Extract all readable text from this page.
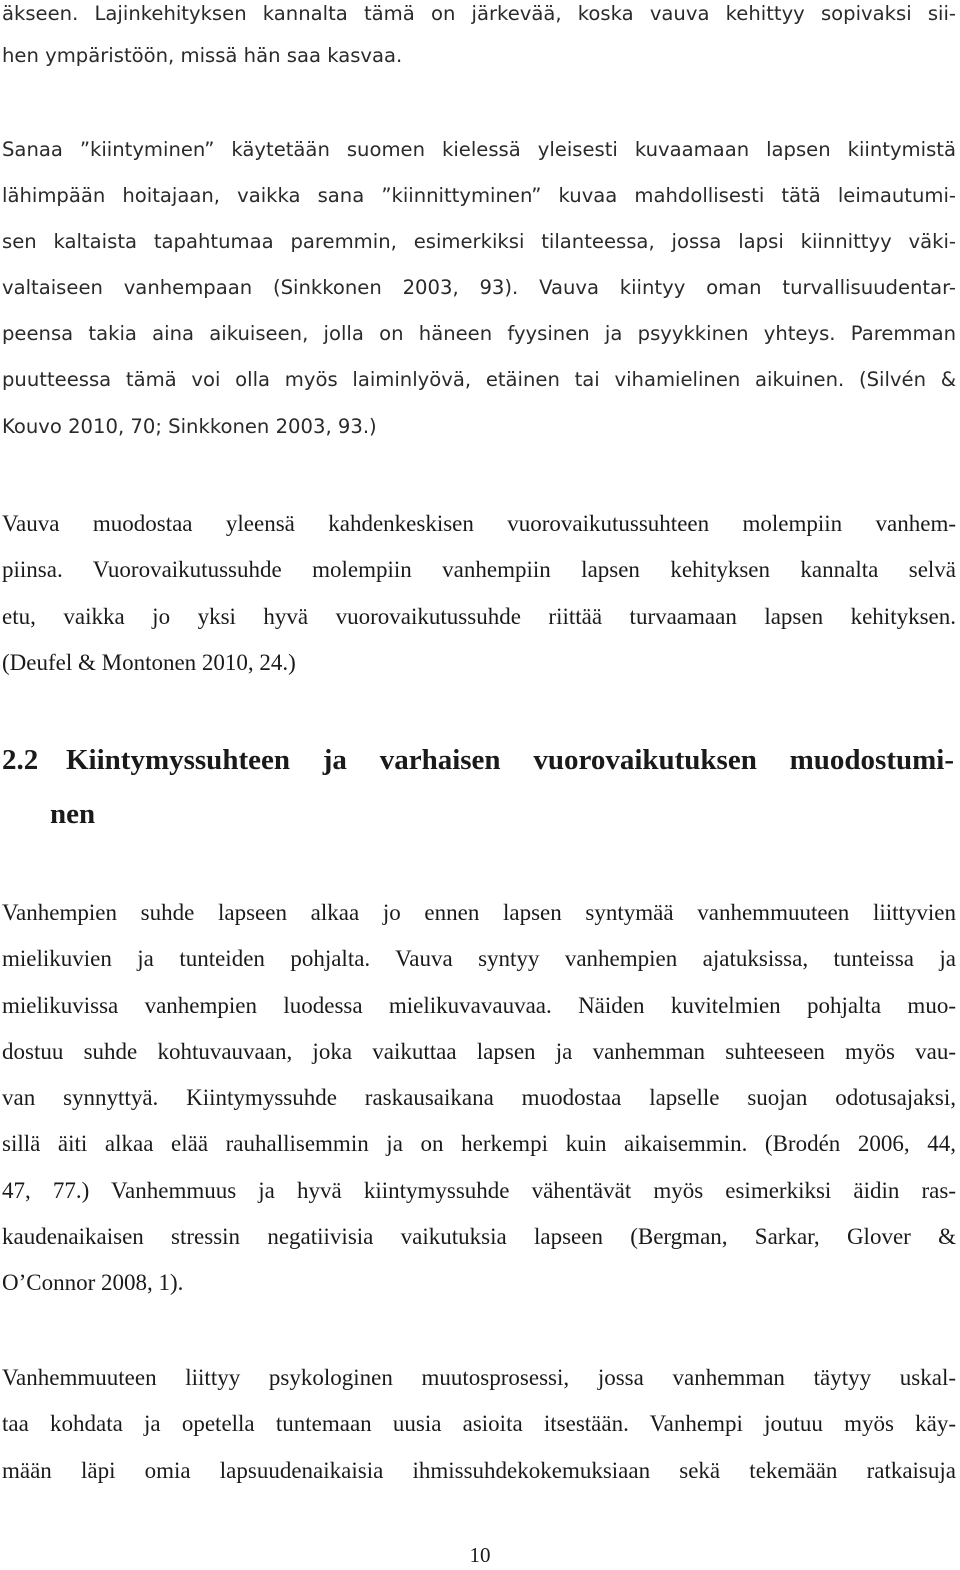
äkseen. Lajinkehityksen kannalta tämä on järkevää, koska vauva kehittyy sopivaksi sii-
hen ympäristöön, missä hän saa kasvaa.
Sanaa ”kiintyminen” käytetään suomen kielessä yleisesti kuvaamaan lapsen kiintymistä
lähimpään hoitajaan, vaikka sana ”kiinnittyminen” kuvaa mahdollisesti tätä leimautumi-
sen kaltaista tapahtumaa paremmin, esimerkiksi tilanteessa, jossa lapsi kiinnittyy väki-
valtaiseen vanhempaan (Sinkkonen 2003, 93). Vauva kiintyy oman turvallisuudentar-
peensa takia aina aikuiseen, jolla on häneen fyysinen ja psyykkinen yhteys. Paremman
puutteessa tämä voi olla myös laiminlyövä, etäinen tai vihamielinen aikuinen. (Silvén &
Kouvo 2010, 70; Sinkkonen 2003, 93.)
Vauva muodostaa yleensä kahdenkeskisen vuorovaikutussuhteen molempiin vanhem-
piinsa. Vuorovaikutussuhde molempiin vanhempiin lapsen kehityksen kannalta selvä
etu, vaikka jo yksi hyvä vuorovaikutussuhde riittää turvaamaan lapsen kehityksen.
(Deufel & Montonen 2010, 24.)
2.2 Kiintymyssuhteen ja varhaisen vuorovaikutuksen muodostumi-
nen
Vanhempien suhde lapseen alkaa jo ennen lapsen syntymää vanhemmuuteen liittyvien
mielikuvien ja tunteiden pohjalta. Vauva syntyy vanhempien ajatuksissa, tunteissa ja
mielikuvissa vanhempien luodessa mielikuvavauvaa. Näiden kuvitelmien pohjalta muo-
dostuu suhde kohtuvauvaan, joka vaikuttaa lapsen ja vanhemman suhteeseen myös vau-
van synnyttyä. Kiintymyssuhde raskausaikana muodostaa lapselle suojan odotusajaksi,
sillä äiti alkaa elää rauhallisemmin ja on herkempi kuin aikaisemmin. (Brodén 2006, 44,
47, 77.) Vanhemmuus ja hyvä kiintymyssuhde vähentävät myös esimerkiksi äidin ras-
kaudenaikaisen stressin negatiivisia vaikutuksia lapseen (Bergman, Sarkar, Glover &
O’Connor 2008, 1).
Vanhemmuuteen liittyy psykologinen muutosprosessi, jossa vanhemman täytyy uskal-
taa kohdata ja opetella tuntemaan uusia asioita itsestään. Vanhempi joutuu myös käy-
mään läpi omia lapsuudenaikaisia ihmissuhdekokemuksiaan sekä tekemään ratkaisuja
10
